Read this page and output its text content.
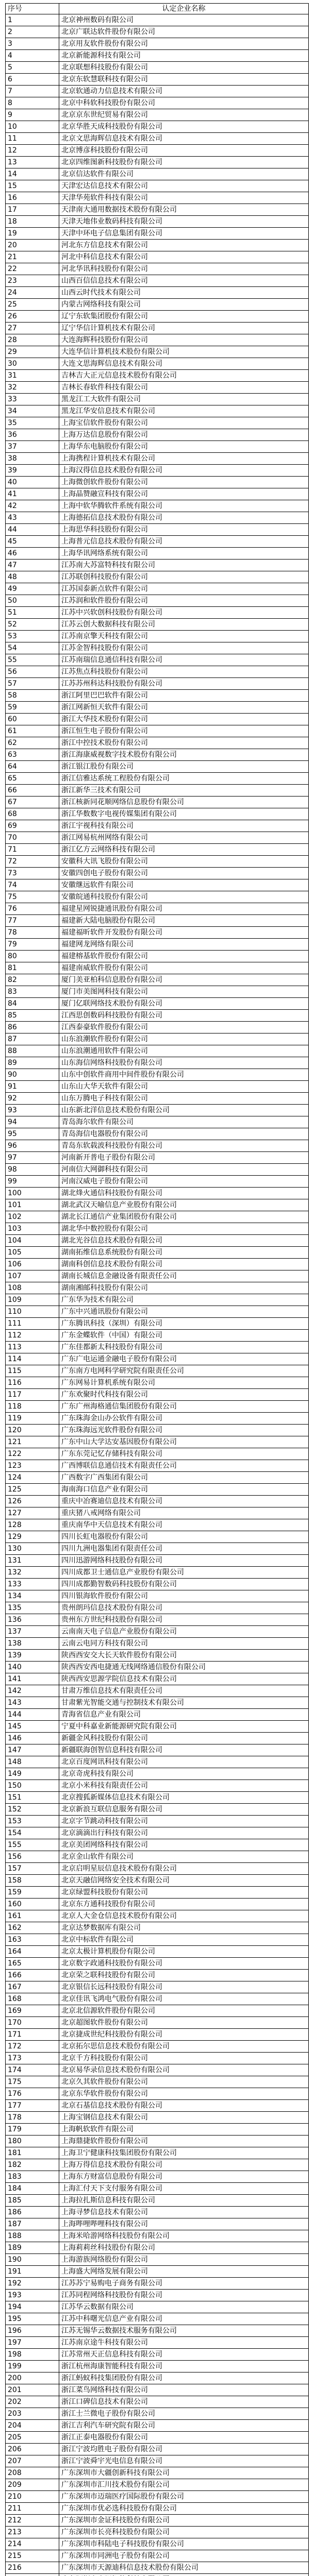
序号	认定企业名称
1	北京神州数码有限公司
2	北京广联达软件股份有限公司
3	北京用友软件股份有限公司
4	北京新能源科技有限公司
5	北京联想科技股份有限公司
6	北京东软慧联科技有限公司
7	北京软通动力信息技术有限公司
8	北京中科软科技股份有限公司
9	北京京东世纪贸易有限公司
10	北京华胜天成科技股份有限公司
11	北京文思海辉信息技术有限公司
12	北京博彦科技股份有限公司
13	北京四维图新科技股份有限公司
14	北京信达软件有限公司
15	天津宏达信息技术有限公司
16	天津华苑软件科技有限公司
17	天津南大通用数据技术股份有限公司
18	天津天地伟业数码科技有限公司
19	天津中环电子信息集团有限公司
20	河北东方信息技术有限公司
21	河北中科信息技术有限公司
22	河北华讯科技股份有限公司
23	山西百信信息技术有限公司
24	山西云时代技术有限公司
25	内蒙古网络科技有限公司
26	辽宁东软集团股份有限公司
27	辽宁华信计算机技术有限公司
28	大连海辉科技股份有限公司
29	大连华信计算机技术股份有限公司
30	大连文思海辉信息技术有限公司
31	吉林吉大正元信息技术股份有限公司
32	吉林长春软件科技有限公司
33	黑龙江工大软件有限公司
34	黑龙江华安信息技术有限公司
35	上海宝信软件股份有限公司
36	上海万达信息股份有限公司
37	上海华东电脑股份有限公司
38	上海携程计算机技术有限公司
39	上海汉得信息技术股份有限公司
40	上海微创软件股份有限公司
41	上海晶赞融宣科技有限公司
42	上海中软华腾软件系统有限公司
43	上海德拓信息技术股份有限公司
44	上海思华科技股份有限公司
45	上海普元信息技术股份有限公司
46	上海华讯网络系统有限公司
47	江苏南大苏富特科技有限公司
48	江苏联创科技股份有限公司
49	江苏国泰新点软件有限公司
50	江苏润和软件股份有限公司
51	江苏中兴软创科技股份有限公司
52	江苏云创大数据科技有限公司
53	江苏南京擎天科技有限公司
54	江苏金智科技股份有限公司
55	江苏南瑞信息通信科技有限公司
56	江苏焦点科技股份有限公司
57	江苏苏州科达科技股份有限公司
58	浙江阿里巴巴软件有限公司
59	浙江网新恒天软件有限公司
60	浙江大华技术股份有限公司
61	浙江恒生电子股份有限公司
62	浙江中控技术股份有限公司
63	浙江海康威视数字技术股份有限公司
64	浙江银江股份有限公司
65	浙江信雅达系统工程股份有限公司
66	浙江新华三技术有限公司
67	浙江核新同花顺网络信息股份有限公司
68	浙江华数数字电视传媒集团有限公司
69	浙江宇视科技有限公司
70	浙江网易杭州网络有限公司
71	浙江亿方云网络科技有限公司
72	安徽科大讯飞股份有限公司
73	安徽四创电子股份有限公司
74	安徽继远软件有限公司
75	安徽皖通科技股份有限公司
76	福建星网锐捷通讯股份有限公司
77	福建新大陆电脑股份有限公司
78	福建福昕软件开发股份有限公司
79	福建网龙网络有限公司
80	福建榕基软件股份有限公司
81	福建南威软件股份有限公司
82	厦门美亚柏科信息股份有限公司
83	厦门市美图网科技有限公司
84	厦门亿联网络技术股份有限公司
85	江西思创数码科技股份有限公司
86	江西泰豪软件股份有限公司
87	山东浪潮软件股份有限公司
88	山东浪潮通用软件有限公司
89	山东海信网络科技股份有限公司
90	山东中创软件商用中间件股份有限公司
91	山东山大华天软件有限公司
92	山东万腾电子科技有限公司
93	山东新北洋信息技术股份有限公司
94	青岛海尔软件有限公司
95	青岛海信电器股份有限公司
96	青岛东软载波科技股份有限公司
97	河南新开普电子股份有限公司
98	河南信大网御科技有限公司
99	河南汉威电子股份有限公司
100	湖北烽火通信科技股份有限公司
101	湖北武汉天喻信息产业股份有限公司
102	湖北长江通信产业集团股份有限公司
103	湖北华中数控股份有限公司
104	湖北光谷信息技术股份有限公司
105	湖南拓维信息系统股份有限公司
106	湖南科创信息技术股份有限公司
107	湖南长城信息金融设备有限责任公司
108	湖南湘邮科技股份有限公司
109	广东华为技术有限公司
110	广东中兴通讯股份有限公司
111	广东腾讯科技（深圳）有限公司
112	广东金蝶软件（中国）有限公司
113	广东佳都新太科技股份有限公司
114	广东广电运通金融电子股份有限公司
115	广东南方电网科学研究院有限责任公司
116	广东网易计算机系统有限公司
117	广东欢聚时代科技有限公司
118	广东广州海格通信集团股份有限公司
119	广东珠海金山办公软件有限公司
120	广东珠海远光软件股份有限公司
121	广东中山大学达安基因股份有限公司
122	广东东莞记忆存储科技有限公司
123	广西博联信息通信技术有限责任公司
124	广西数字广西集团有限公司
125	海南海口信息产业有限公司
126	重庆中冶赛迪信息技术有限公司
127	重庆猪八戒网络有限公司
128	重庆南华中天信息技术有限公司
129	四川长虹电器股份有限公司
130	四川九洲电器集团有限责任公司
131	四川迅游网络科技股份有限公司
132	四川成都卫士通信息产业股份有限公司
133	四川成都勤智数码科技股份有限公司
134	四川银海软件股份有限公司
135	贵州朗玛信息技术股份有限公司
136	贵州东方世纪科技股份有限公司
137	云南南天电子信息产业股份有限公司
138	云南云电同方科技有限公司
139	陕西西安交大长天软件股份有限公司
140	陕西西安西电捷通无线网络通信股份有限公司
141	陕西西安思源学院信息技术有限公司
142	甘肃万维信息技术有限责任公司
143	甘肃紫光智能交通与控制技术有限公司
144	青海省信息产业有限公司
145	宁夏中科嘉业新能源研究院有限公司
146	新疆金风科技股份有限公司
147	新疆联海创智信息科技有限公司
148	北京百度网讯科技有限公司
149	北京奇虎科技有限公司
150	北京小米科技有限责任公司
151	北京搜狐新媒体信息技术有限公司
152	北京新浪互联信息服务有限公司
153	北京字节跳动科技有限公司
154	北京滴滴出行科技有限公司
155	北京美团网络科技有限公司
156	北京金山软件有限公司
157	北京启明星辰信息技术股份有限公司
158	北京天融信网络安全技术有限公司
159	北京绿盟科技股份有限公司
160	北京东方通科技股份有限公司
161	北京人大金仓信息技术股份有限公司
162	北京达梦数据库有限公司
163	北京中标软件有限公司
164	北京太极计算机股份有限公司
165	北京数字政通科技股份有限公司
166	北京荣之联科技股份有限公司
167	北京银信长远科技股份有限公司
168	北京佳讯飞鸿电气股份有限公司
169	北京北信源软件股份有限公司
170	北京超图软件股份有限公司
171	北京捷成世纪科技股份有限公司
172	北京拓尔思信息技术股份有限公司
173	北京千方科技股份有限公司
174	北京易华录信息技术股份有限公司
175	北京久其软件股份有限公司
176	北京东华软件股份有限公司
177	北京石基信息技术股份有限公司
178	上海宝钢信息技术有限公司
179	上海帆软软件有限公司
180	上海鼎捷软件股份有限公司
181	上海卫宁健康科技集团股份有限公司
182	上海万得信息技术股份有限公司
183	上海东方财富信息股份有限公司
184	上海汇付天下支付服务有限公司
185	上海拉扎斯信息科技有限公司
186	上海寻梦信息技术有限公司
187	上海哔哩哔哩科技有限公司
188	上海米哈游网络科技股份有限公司
189	上海莉莉丝科技股份有限公司
190	上海游族网络股份有限公司
191	上海盛大网络发展有限公司
192	江苏苏宁易购电子商务有限公司
193	江苏同程网络科技股份有限公司
194	江苏华云数据有限公司
195	江苏中科曙光信息产业有限公司
196	江苏无锡华云数据技术服务有限公司
197	江苏南京途牛科技有限公司
198	江苏常州天正信息科技有限公司
199	浙江杭州海康智能科技有限公司
200	浙江蚂蚁科技集团股份有限公司
201	浙江菜鸟网络科技有限公司
202	浙江口碑信息技术有限公司
203	浙江士兰微电子股份有限公司
204	浙江吉利汽车研究院有限公司
205	浙江正泰电器股份有限公司
206	浙江宁波均胜电子股份有限公司
207	浙江宁波舜宇光电信息有限公司
208	广东深圳市大疆创新科技有限公司
209	广东深圳市汇川技术股份有限公司
210	广东深圳市迈瑞医疗国际股份有限公司
211	广东深圳市优必选科技股份有限公司
212	广东深圳市金证科技股份有限公司
213	广东深圳市长亮科技股份有限公司
214	广东深圳市科陆电子科技股份有限公司
215	广东深圳市同洲电子股份有限公司
216	广东深圳市天源迪科信息技术股份有限公司
